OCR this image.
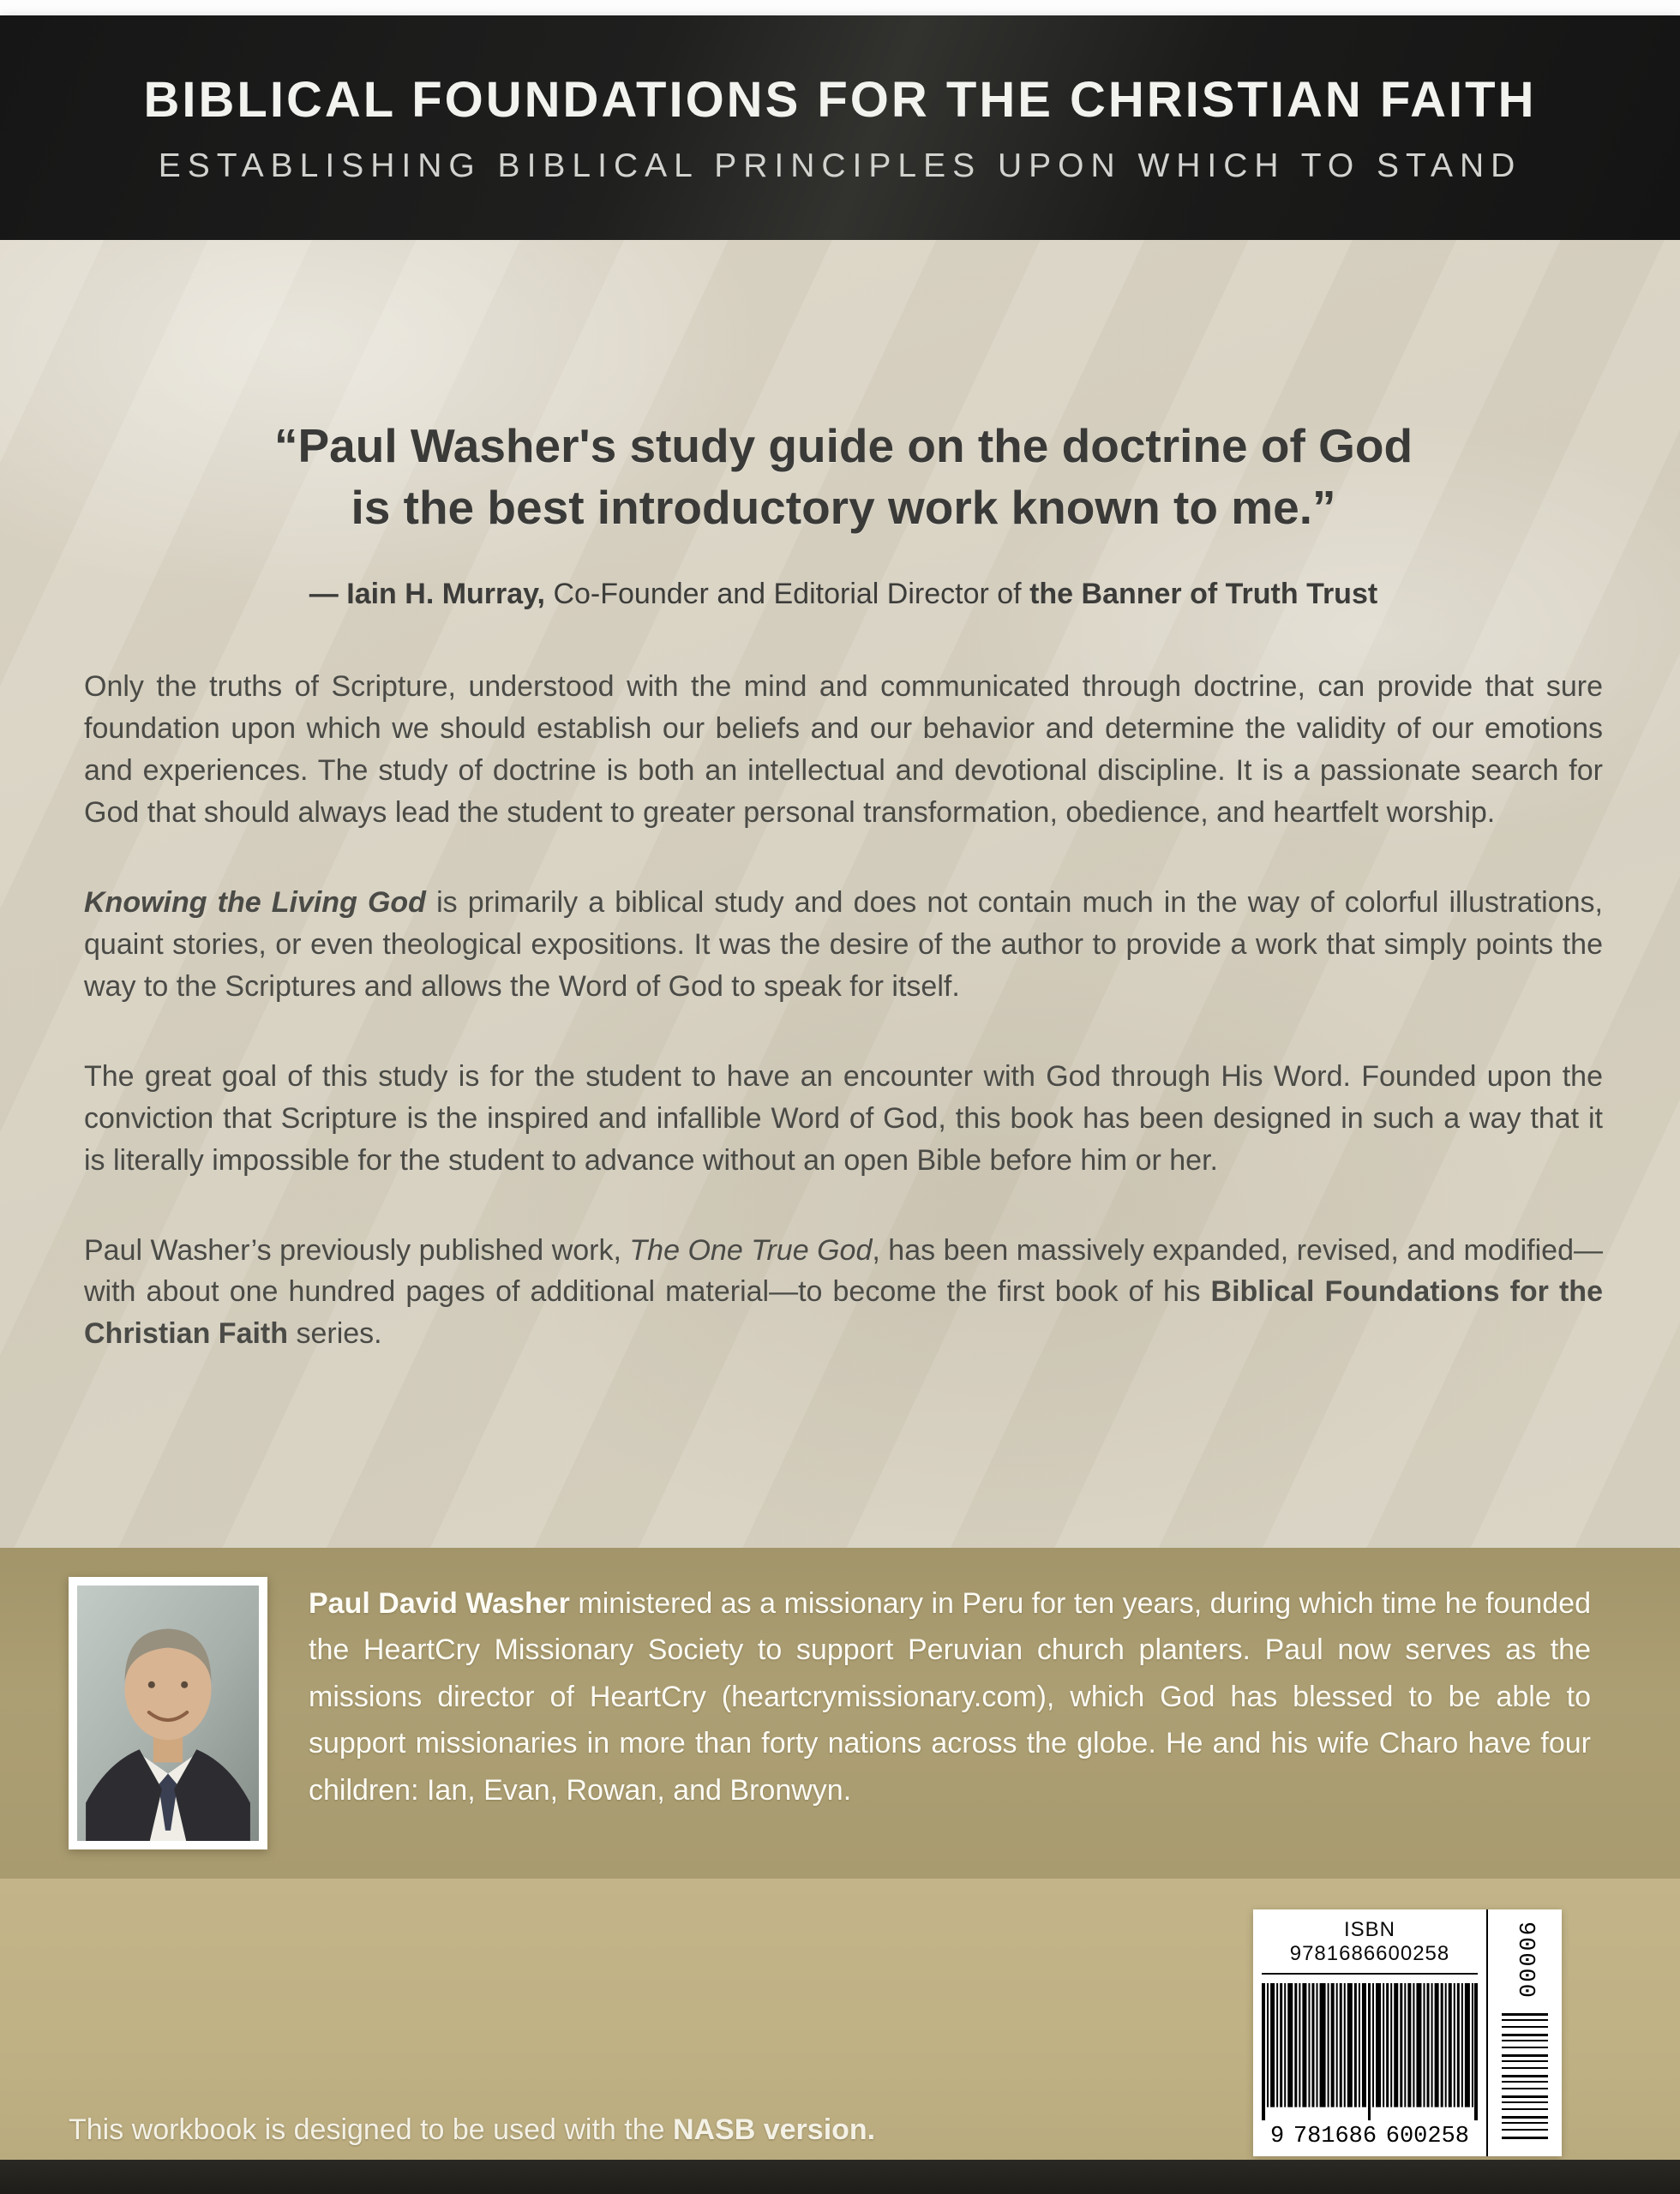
BIBLICAL FOUNDATIONS FOR THE CHRISTIAN FAITH
ESTABLISHING BIBLICAL PRINCIPLES UPON WHICH TO STAND
“Paul Washer's study guide on the doctrine of God
is the best introductory work known to me.”
— Iain H. Murray, Co-Founder and Editorial Director of the Banner of Truth Trust

Only the truths of Scripture, understood with the mind and communicated through doctrine, can provide that sure foundation upon which we should establish our beliefs and our behavior and determine the validity of our emotions and experiences. The study of doctrine is both an intellectual and devotional discipline. It is a passionate search for God that should always lead the student to greater personal transformation, obedience, and heartfelt worship.

Knowing the Living God is primarily a biblical study and does not contain much in the way of colorful illustrations, quaint stories, or even theological expositions. It was the desire of the author to provide a work that simply points the way to the Scriptures and allows the Word of God to speak for itself.

The great goal of this study is for the student to have an encounter with God through His Word. Founded upon the conviction that Scripture is the inspired and infallible Word of God, this book has been designed in such a way that it is literally impossible for the student to advance without an open Bible before him or her.

Paul Washer’s previously published work, The One True God, has been massively expanded, revised, and modified—with about one hundred pages of additional material—to become the first book of his Biblical Foundations for the Christian Faith series.

Paul David Washer ministered as a missionary in Peru for ten years, during which time he founded the HeartCry Missionary Society to support Peruvian church planters. Paul now serves as the missions director of HeartCry (heartcrymissionary.com), which God has blessed to be able to support missionaries in more than forty nations across the globe. He and his wife Charo have four children: Ian, Evan, Rowan, and Bronwyn.

ISBN 9781686600258
9 781686 600258
90000
This workbook is designed to be used with the NASB version.
